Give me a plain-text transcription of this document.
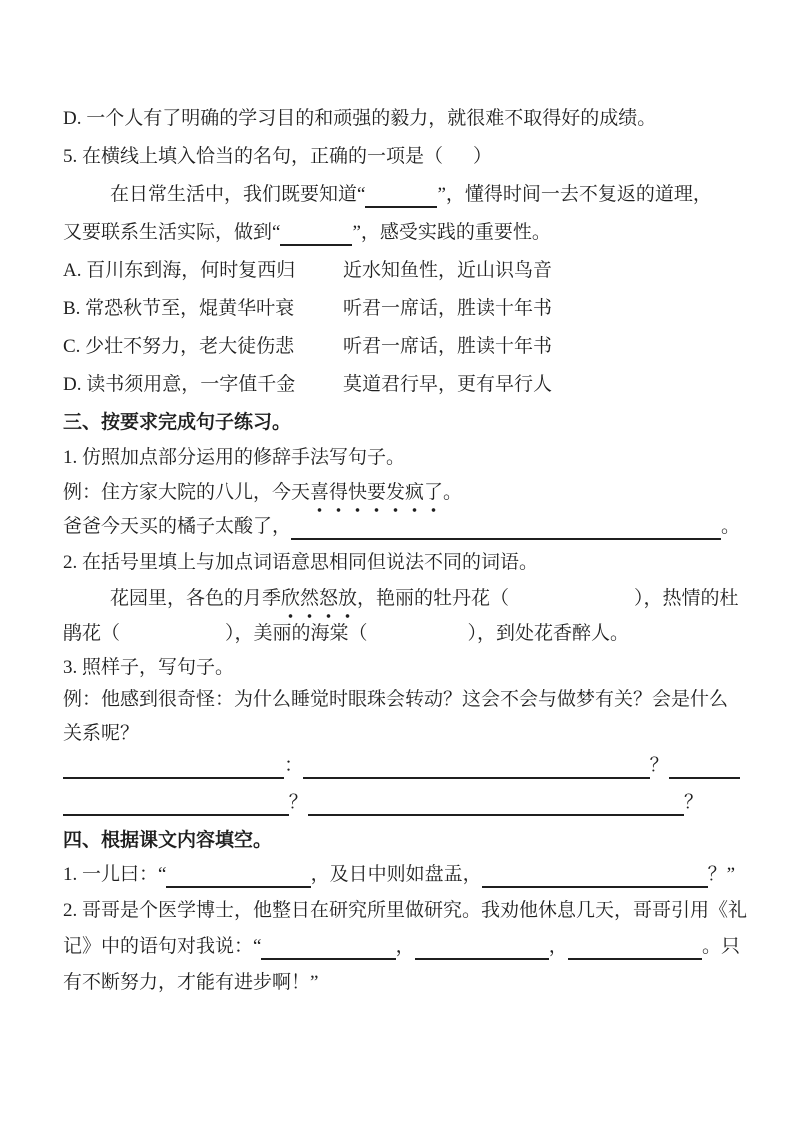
D. 一个人有了明确的学习目的和顽强的毅力，就很难不取得好的成绩。
5. 在横线上填入恰当的名句，正确的一项是（ ）
在日常生活中，我们既要知道“	”，懂得时间一去不复返的道理，
又要联系生活实际，做到“	”，感受实践的重要性。
A. 百川东到海，何时复西归	近水知鱼性，近山识鸟音
B. 常恐秋节至，焜黄华叶衰	听君一席话，胜读十年书
C. 少壮不努力，老大徒伤悲	听君一席话，胜读十年书
D. 读书须用意，一字值千金	莫道君行早，更有早行人
三、按要求完成句子练习。
1. 仿照加点部分运用的修辞手法写句子。
例：住方家大院的八儿，今天 喜得快要发疯了 。
爸爸今天买的橘子太酸了，	。
2. 在括号里填上与加点词语意思相同但说法不同的词语。
花园里，各色的月季 欣然怒放 ，艳丽的牡丹花（	），热情的杜
鹃花（	），美丽的海棠（	），到处花香醉人。
3. 照样子，写句子。
例：他感到很奇怪：为什么睡觉时眼珠会转动？这会不会与做梦有关？会是什么
关系呢？
：	？
？	？
四、根据课文内容填空。
1. 一儿曰：“	，及日中则如盘盂，	？”
2. 哥哥是个医学博士，他整日在研究所里做研究。我劝他休息几天，哥哥引用《礼
记》中的语句对我说：“	，	，	。只
有不断努力，才能有进步啊！”
